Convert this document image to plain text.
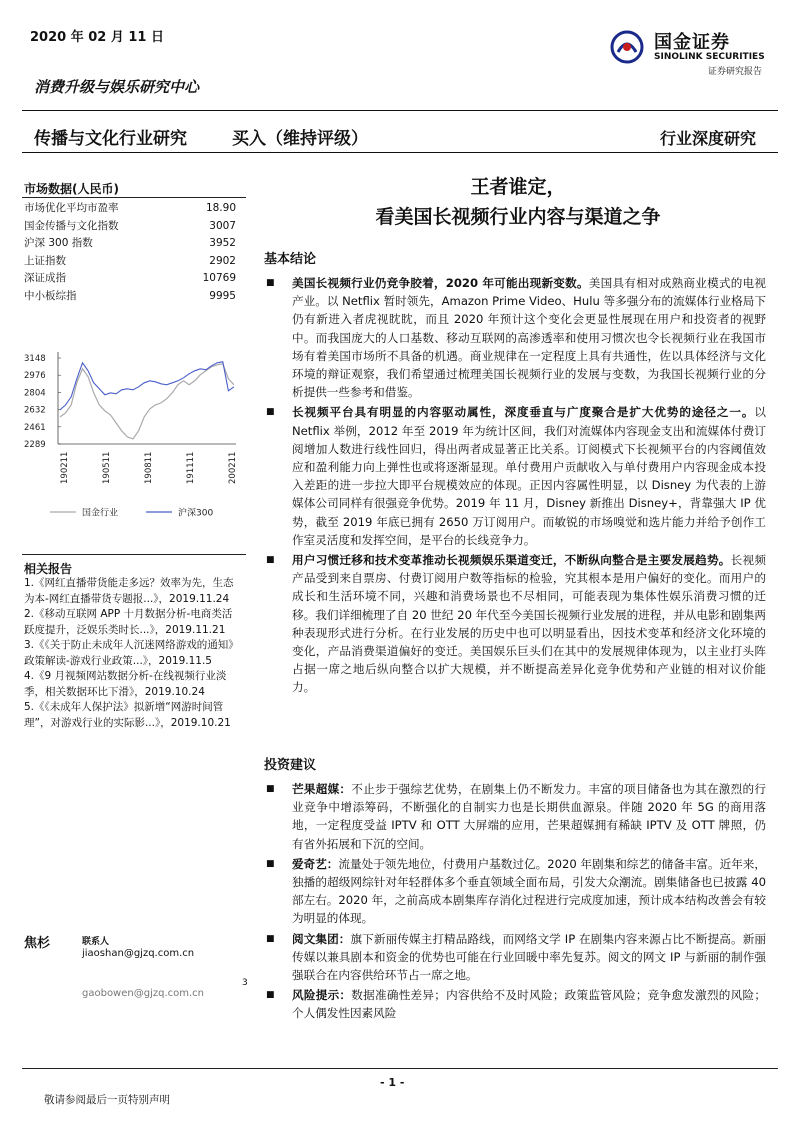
2020 年 02 月 11 日	国金证券
SINOLINK SECURITIES
证券研究报告
消费升级与娱乐研究中心
传播与文化行业研究	买入（维持评级）	行业深度研究
市场数据(人民币)
市场优化平均市盈率	18.90
国金传播与文化指数	3007
沪深 300 指数	3952
上证指数	2902
深证成指	10769
中小板综指	9995
3148
2976
2804
2632
2461
2289
190211	190511	190811	191111	200211
国金行业	沪深300
相关报告
1.《网红直播带货能走多远？效率为先，生态为本-网红直播带货专题报...》，2019.11.24
2.《移动互联网 APP 十月数据分析-电商类活跃度提升，泛娱乐类时长...》，2019.11.21
3.《《关于防止未成年人沉迷网络游戏的通知》政策解读-游戏行业政策...》，2019.11.5
4.《9 月视频网站数据分析-在线视频行业淡季，相关数据环比下滑》，2019.10.24
5.《《未成年人保护法》拟新增“网游时间管理”，对游戏行业的实际影...》，2019.10.21
焦杉	联系人
jiaoshan@gjzq.com.cn
gaobowen@gjzq.com.cn
3
王者谁定，
看美国长视频行业内容与渠道之争
基本结论
■ 美国长视频行业仍竞争胶着，2020 年可能出现新变数。美国具有相对成熟商业模式的电视产业。以 Netflix 暂时领先，Amazon Prime Video、Hulu 等多强分布的流媒体行业格局下仍有新进入者虎视眈眈，而且 2020 年预计这个变化会更显性展现在用户和投资者的视野中。而我国庞大的人口基数、移动互联网的高渗透率和使用习惯次也令长视频行业在我国市场有着美国市场所不具备的机遇。商业规律在一定程度上具有共通性，佐以具体经济与文化环境的辩证观察，我们希望通过梳理美国长视频行业的发展与变数，为我国长视频行业的分析提供一些参考和借鉴。
■ 长视频平台具有明显的内容驱动属性，深度垂直与广度聚合是扩大优势的途径之一。以 Netflix 举例，2012 年至 2019 年为统计区间，我们对流媒体内容现金支出和流媒体付费订阅增加人数进行线性回归，得出两者成显著正比关系。订阅模式下长视频平台的内容阈值效应和盈利能力向上弹性也或将逐渐显现。单付费用户贡献收入与单付费用户内容现金成本投入差距的进一步拉大即平台规模效应的体现。正因内容属性明显，以 Disney 为代表的上游媒体公司同样有很强竞争优势。2019 年 11 月，Disney 新推出 Disney+，背靠强大 IP 优势，截至 2019 年底已拥有 2650 万订阅用户。而敏锐的市场嗅觉和选片能力并给予创作工作室灵活度和发挥空间，是平台的长线竞争力。
■ 用户习惯迁移和技术变革推动长视频娱乐渠道变迁，不断纵向整合是主要发展趋势。长视频产品受到来自票房、付费订阅用户数等指标的检验，究其根本是用户偏好的变化。而用户的成长和生活环境不同，兴趣和消费场景也不尽相同，可能表现为集体性娱乐消费习惯的迁移。我们详细梳理了自 20 世纪 20 年代至今美国长视频行业发展的进程，并从电影和剧集两种表现形式进行分析。在行业发展的历史中也可以明显看出，因技术变革和经济文化环境的变化，产品消费渠道偏好的变迁。美国娱乐巨头们在其中的发展规律体现为，以主业打头阵占据一席之地后纵向整合以扩大规模，并不断提高差异化竞争优势和产业链的相对议价能力。
投资建议
■ 芒果超媒：不止步于强综艺优势，在剧集上仍不断发力。丰富的项目储备也为其在激烈的行业竞争中增添筹码，不断强化的自制实力也是长期供血源泉。伴随 2020 年 5G 的商用落地，一定程度受益 IPTV 和 OTT 大屏端的应用，芒果超媒拥有稀缺 IPTV 及 OTT 牌照，仍有省外拓展和下沉的空间。
■ 爱奇艺：流量处于领先地位，付费用户基数过亿。2020 年剧集和综艺的储备丰富。近年来，独播的超级网综针对年轻群体多个垂直领域全面布局，引发大众潮流。剧集储备也已披露 40 部左右。2020 年，之前高成本剧集库存消化过程进行完成度加速，预计成本结构改善会有较为明显的体现。
■ 阅文集团：旗下新丽传媒主打精品路线，而网络文学 IP 在剧集内容来源占比不断提高。新丽传媒以兼具剧本和资金的优势也可能在行业回暖中率先复苏。阅文的网文 IP 与新丽的制作强强联合在内容供给环节占一席之地。
■ 风险提示：数据准确性差异；内容供给不及时风险；政策监管风险；竞争愈发激烈的风险；个人偶发性因素风险
- 1 -
敬请参阅最后一页特别声明
